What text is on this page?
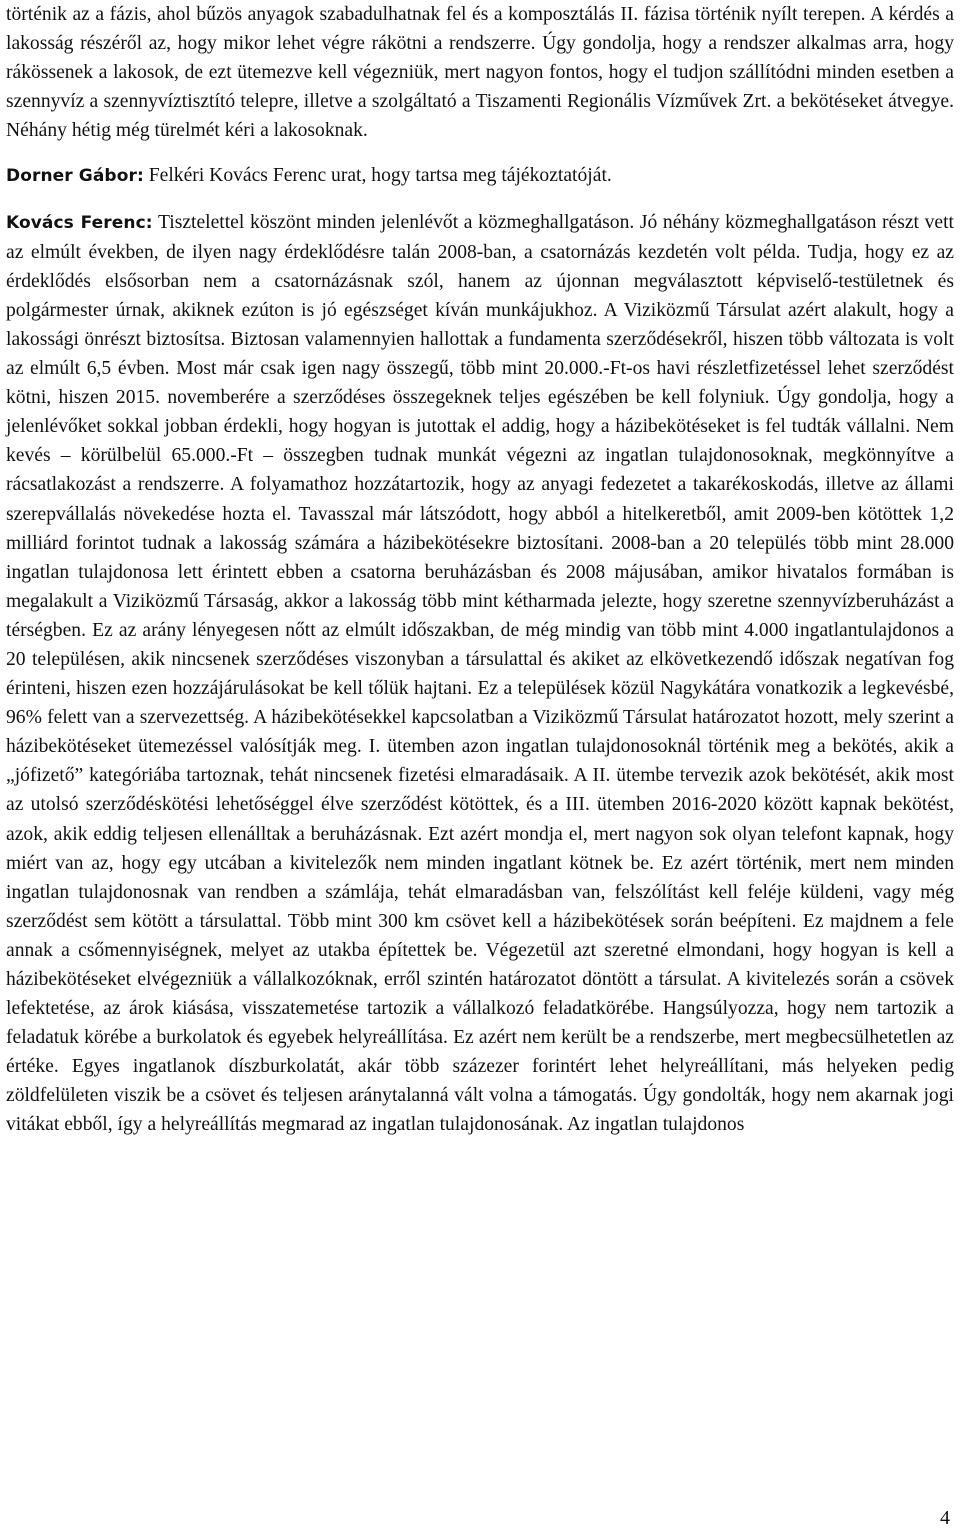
történik az a fázis, ahol bűzös anyagok szabadulhatnak fel és a komposztálás II. fázisa történik nyílt terepen. A kérdés a lakosság részéről az, hogy mikor lehet végre rákötni a rendszerre. Úgy gondolja, hogy a rendszer alkalmas arra, hogy rákössenek a lakosok, de ezt ütemezve kell végezniük, mert nagyon fontos, hogy el tudjon szállítódni minden esetben a szennyvíz a szennyvíztisztító telepre, illetve a szolgáltató a Tiszamenti Regionális Vízművek Zrt. a bekötéseket átvegye. Néhány hétig még türelmét kéri a lakosoknak.

Dorner Gábor: Felkéri Kovács Ferenc urat, hogy tartsa meg tájékoztatóját.

Kovács Ferenc: Tisztelettel köszönt minden jelenlévőt a közmeghallgatáson. Jó néhány közmeghallgatáson részt vett az elmúlt években, de ilyen nagy érdeklődésre talán 2008-ban, a csatornázás kezdetén volt példa. Tudja, hogy ez az érdeklődés elsősorban nem a csatornázásnak szól, hanem az újonnan megválasztott képviselő-testületnek és polgármester úrnak, akiknek ezúton is jó egészséget kíván munkájukhoz. A Viziközmű Társulat azért alakult, hogy a lakossági önrészt biztosítsa. Biztosan valamennyien hallottak a fundamenta szerződésekről, hiszen több változata is volt az elmúlt 6,5 évben. Most már csak igen nagy összegű, több mint 20.000.-Ft-os havi részletfizetéssel lehet szerződést kötni, hiszen 2015. novemberére a szerződéses összegeknek teljes egészében be kell folyniuk. Úgy gondolja, hogy a jelenlévőket sokkal jobban érdekli, hogy hogyan is jutottak el addig, hogy a házibekötéseket is fel tudták vállalni. Nem kevés – körülbelül 65.000.-Ft – összegben tudnak munkát végezni az ingatlan tulajdonosoknak, megkönnyítve a rácsatlakozást a rendszerre. A folyamathoz hozzátartozik, hogy az anyagi fedezetet a takarékoskodás, illetve az állami szerepvállalás növekedése hozta el. Tavasszal már látszódott, hogy abból a hitelkeretből, amit 2009-ben kötöttek 1,2 milliárd forintot tudnak a lakosság számára a házibekötésekre biztosítani. 2008-ban a 20 település több mint 28.000 ingatlan tulajdonosa lett érintett ebben a csatorna beruházásban és 2008 májusában, amikor hivatalos formában is megalakult a Viziközmű Társaság, akkor a lakosság több mint kétharmada jelezte, hogy szeretne szennyvízberuházást a térségben. Ez az arány lényegesen nőtt az elmúlt időszakban, de még mindig van több mint 4.000 ingatlantulajdonos a 20 településen, akik nincsenek szerződéses viszonyban a társulattal és akiket az elkövetkezendő időszak negatívan fog érinteni, hiszen ezen hozzájárulásokat be kell tőlük hajtani. Ez a települések közül Nagykátára vonatkozik a legkevésbé, 96% felett van a szervezettség. A házibekötésekkel kapcsolatban a Viziközmű Társulat határozatot hozott, mely szerint a házibekötéseket ütemezéssel valósítják meg. I. ütemben azon ingatlan tulajdonosoknál történik meg a bekötés, akik a „jófizető” kategóriába tartoznak, tehát nincsenek fizetési elmaradásaik. A II. ütembe tervezik azok bekötését, akik most az utolsó szerződéskötési lehetőséggel élve szerződést kötöttek, és a III. ütemben 2016-2020 között kapnak bekötést, azok, akik eddig teljesen ellenálltak a beruházásnak. Ezt azért mondja el, mert nagyon sok olyan telefont kapnak, hogy miért van az, hogy egy utcában a kivitelezők nem minden ingatlant kötnek be. Ez azért történik, mert nem minden ingatlan tulajdonosnak van rendben a számlája, tehát elmaradásban van, felszólítást kell feléje küldeni, vagy még szerződést sem kötött a társulattal. Több mint 300 km csövet kell a házibekötések során beépíteni. Ez majdnem a fele annak a csőmennyiségnek, melyet az utakba építettek be. Végezetül azt szeretné elmondani, hogy hogyan is kell a házibekötéseket elvégezniük a vállalkozóknak, erről szintén határozatot döntött a társulat. A kivitelezés során a csövek lefektetése, az árok kiásása, visszatemetése tartozik a vállalkozó feladatkörébe. Hangsúlyozza, hogy nem tartozik a feladatuk körébe a burkolatok és egyebek helyreállítása. Ez azért nem került be a rendszerbe, mert megbecsülhetetlen az értéke. Egyes ingatlanok díszburkolatát, akár több százezer forintért lehet helyreállítani, más helyeken pedig zöldfelületen viszik be a csövet és teljesen aránytalanná vált volna a támogatás. Úgy gondolták, hogy nem akarnak jogi vitákat ebből, így a helyreállítás megmarad az ingatlan tulajdonosának. Az ingatlan tulajdonos

4
